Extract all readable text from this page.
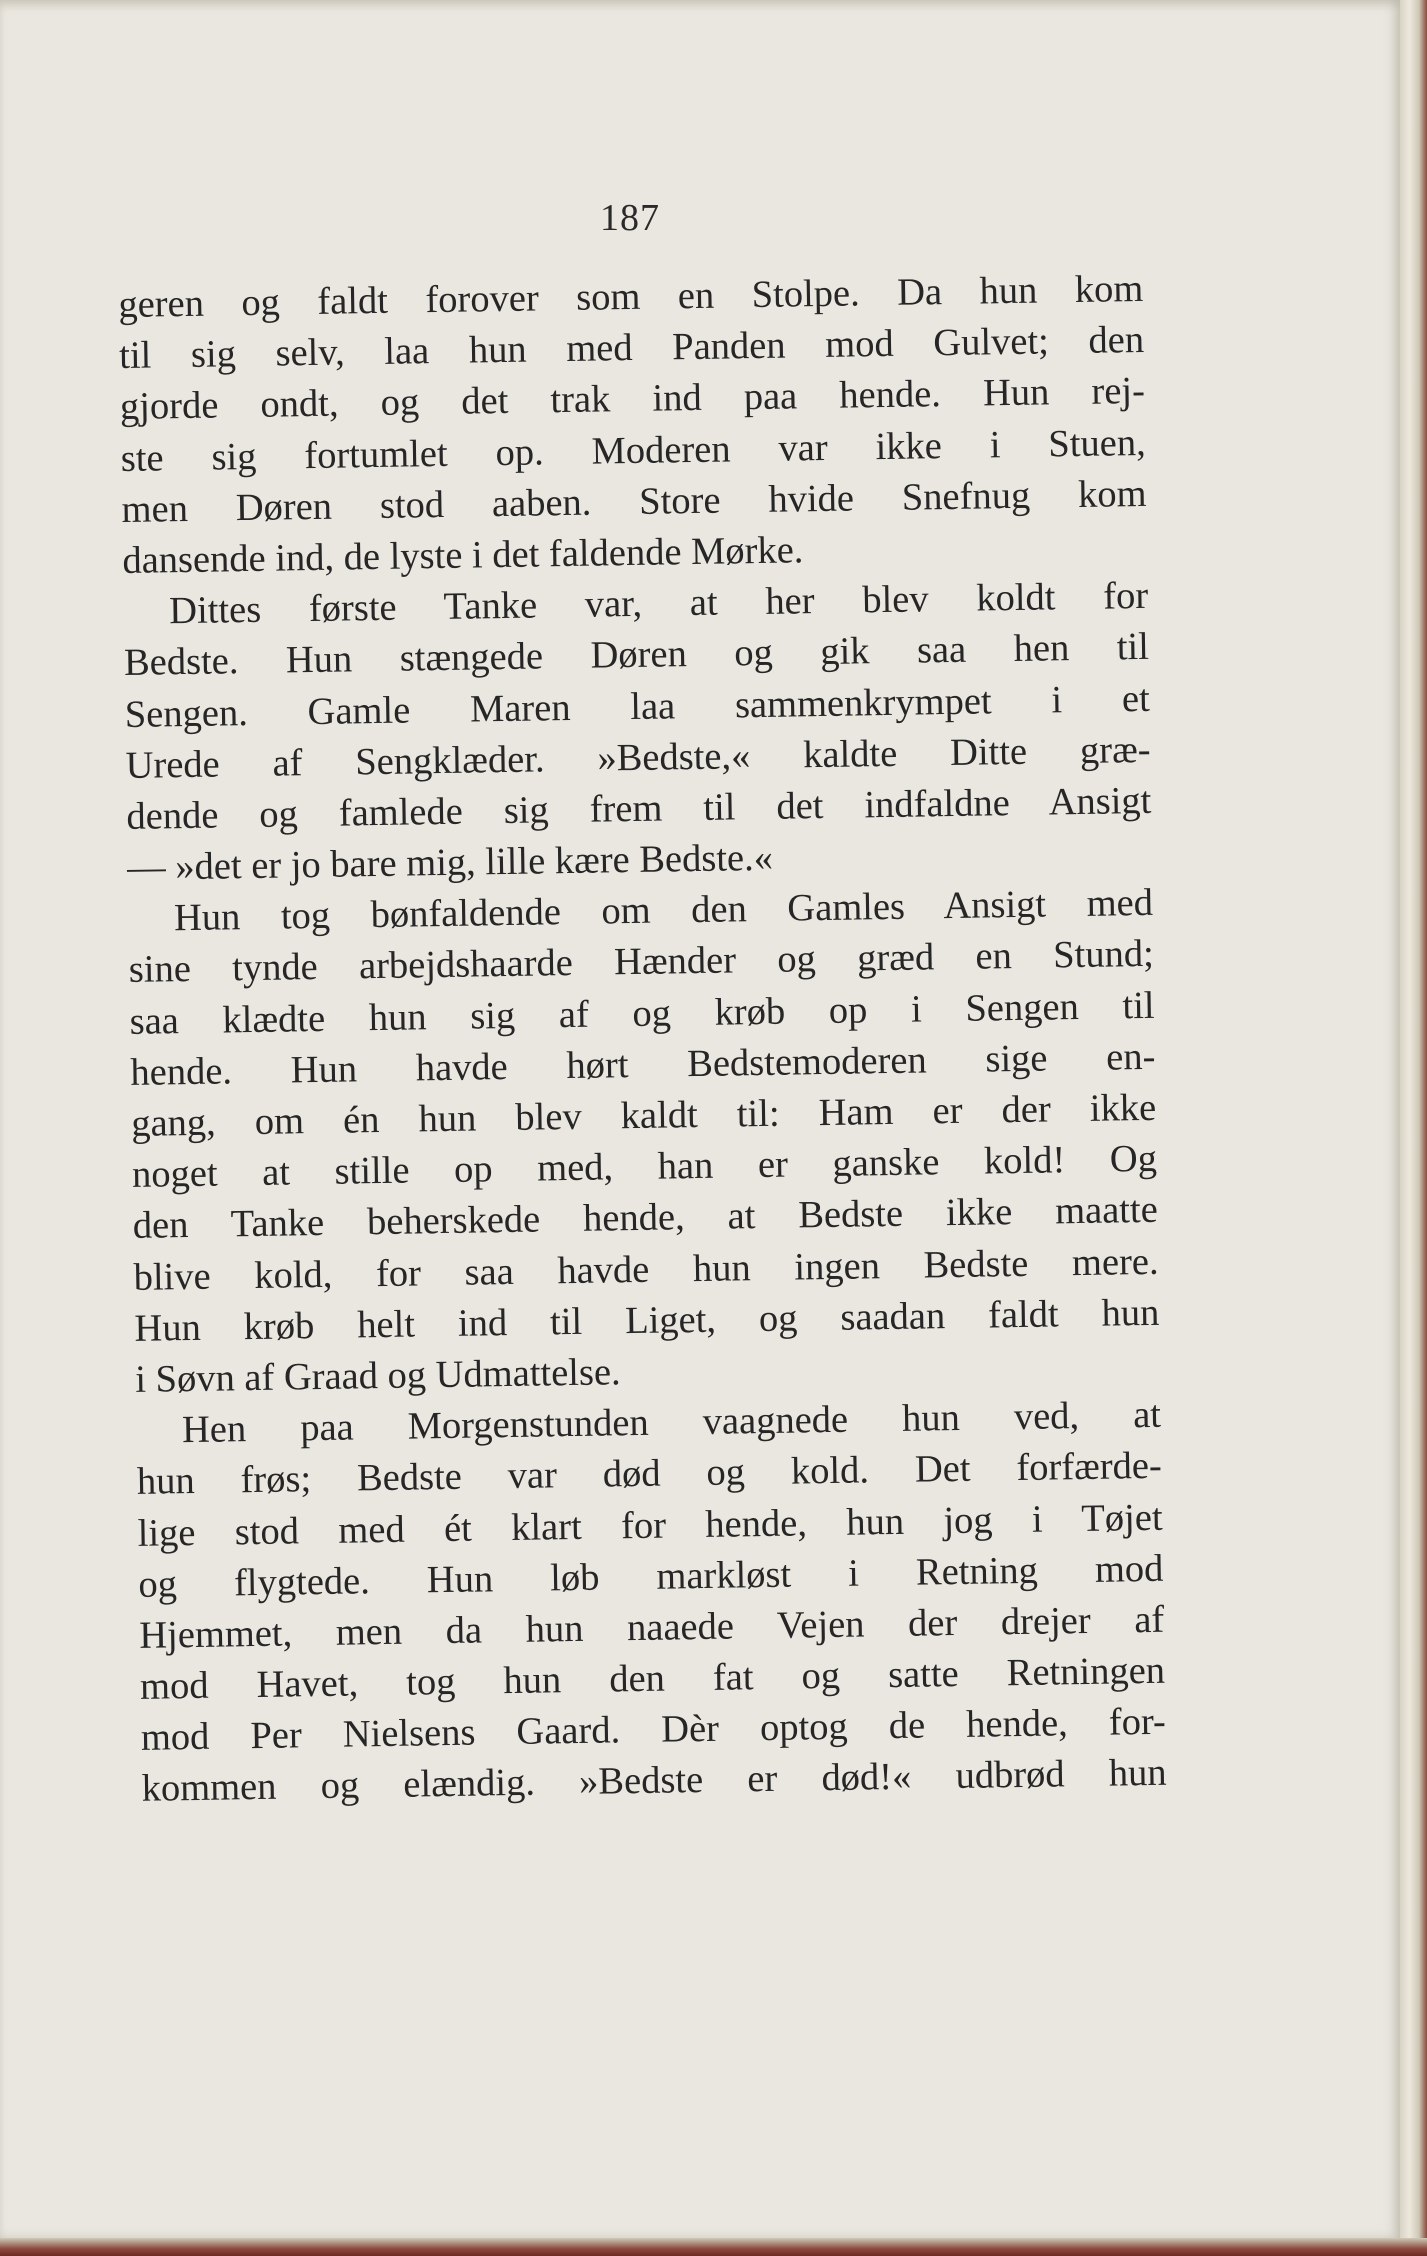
187
geren og faldt forover som en Stolpe. Da hun kom
til sig selv, laa hun med Panden mod Gulvet; den
gjorde ondt, og det trak ind paa hende. Hun rej-
ste sig fortumlet op. Moderen var ikke i Stuen,
men Døren stod aaben. Store hvide Snefnug kom
dansende ind, de lyste i det faldende Mørke.
Dittes første Tanke var, at her blev koldt for
Bedste. Hun stængede Døren og gik saa hen til
Sengen. Gamle Maren laa sammenkrympet i et
Urede af Sengklæder. »Bedste,« kaldte Ditte græ-
dende og famlede sig frem til det indfaldne Ansigt
— »det er jo bare mig, lille kære Bedste.«
Hun tog bønfaldende om den Gamles Ansigt med
sine tynde arbejdshaarde Hænder og græd en Stund;
saa klædte hun sig af og krøb op i Sengen til
hende. Hun havde hørt Bedstemoderen sige en-
gang, om én hun blev kaldt til: Ham er der ikke
noget at stille op med, han er ganske kold! Og
den Tanke beherskede hende, at Bedste ikke maatte
blive kold, for saa havde hun ingen Bedste mere.
Hun krøb helt ind til Liget, og saadan faldt hun
i Søvn af Graad og Udmattelse.
Hen paa Morgenstunden vaagnede hun ved, at
hun frøs; Bedste var død og kold. Det forfærde-
lige stod med ét klart for hende, hun jog i Tøjet
og flygtede. Hun løb markløst i Retning mod
Hjemmet, men da hun naaede Vejen der drejer af
mod Havet, tog hun den fat og satte Retningen
mod Per Nielsens Gaard. Dèr optog de hende, for-
kommen og elændig. »Bedste er død!« udbrød hun
